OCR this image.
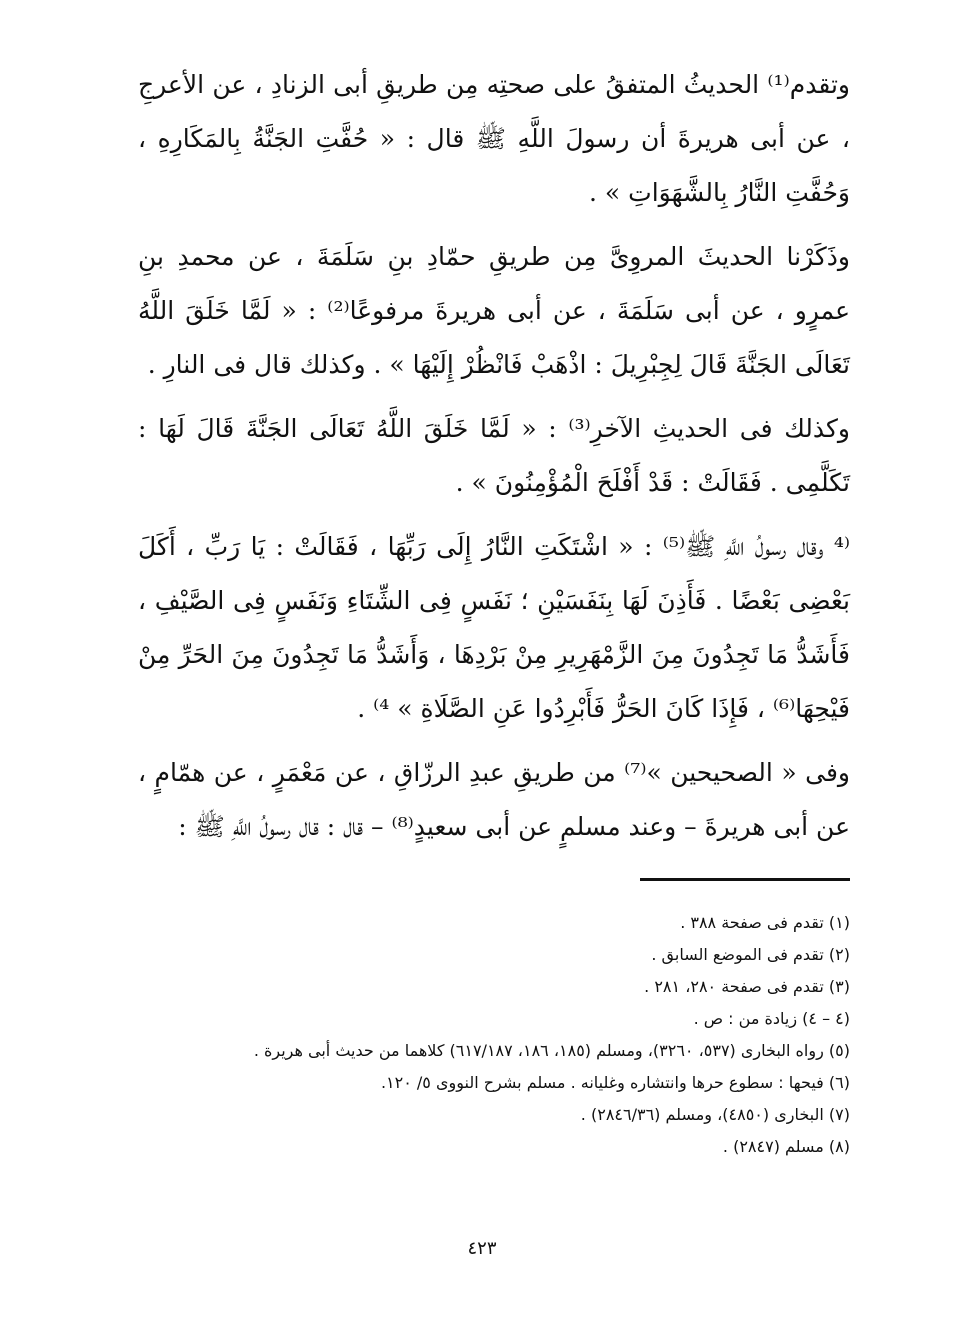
وتقدم⁽¹⁾ الحديثُ المتفقُ على صحتِه مِن طريقِ أبى الزنادِ ، عن الأعرجِ ، عن أبى هريرةَ أن رسولَ اللَّهِ ﷺ قال : « حُفَّتِ الجَنَّةُ بِالمَكَارِهِ ، وَحُفَّتِ النَّارُ بِالشَّهَوَاتِ » .

وذَكَرْنا الحديثَ المروِىَّ مِن طريقِ حمّادِ بنِ سَلَمَةَ ، عن محمدِ بنِ عمرٍو ، عن أبى سَلَمَةَ ، عن أبى هريرةَ مرفوعًا⁽²⁾ : « لَمَّا خَلَقَ اللَّهُ تَعَالَى الجَنَّةَ قَالَ لِجِبْرِيلَ : اذْهَبْ فَانْظُرْ إِلَيْهَا » . وكذلك قال فى النارِ .

وكذلك فى الحديثِ الآخرِ⁽³⁾ : « لَمَّا خَلَقَ اللَّهُ تَعَالَى الجَنَّةَ قَالَ لَهَا : تَكَلَّمِى . فَقَالَتْ : قَدْ أَفْلَحَ الْمُؤْمِنُونَ » .

⁽⁴ وقال رسولُ اللَّهِ ﷺ⁽⁵⁾ : « اشْتَكَتِ النَّارُ إِلَى رَبِّهَا ، فَقَالَتْ : يَا رَبِّ ، أَكَلَ بَعْضِى بَعْضًا . فَأَذِنَ لَهَا بِنَفَسَيْنِ ؛ نَفَسٍ فِى الشِّتَاءِ وَنَفَسٍ فِى الصَّيْفِ ، فَأَشَدُّ مَا تَجِدُونَ مِنَ الزَّمْهَرِيرِ مِنْ بَرْدِهَا ، وَأَشَدُّ مَا تَجِدُونَ مِنَ الحَرِّ مِنْ فَيْحِهَا⁽⁶⁾ ، فَإِذَا كَانَ الحَرُّ فَأَبْرِدُوا عَنِ الصَّلَاةِ » ⁴⁾ .

وفى « الصحيحين »⁽⁷⁾ من طريقِ عبدِ الرزّاقِ ، عن مَعْمَرٍ ، عن همّامٍ ، عن أبى هريرةَ – وعند مسلمٍ عن أبى سعيدٍ⁽⁸⁾ – قال : قال رسولُ اللَّهِ ﷺ :

(١) تقدم فى صفحة ٣٨٨ .

(٢) تقدم فى الموضع السابق .

(٣) تقدم فى صفحة ٢٨٠، ٢٨١ .

(٤ – ٤) زيادة من : ص .

(٥) رواه البخارى (٥٣٧، ٣٢٦٠)، ومسلم (١٨٥، ١٨٦، ٦١٧/١٨٧) كلاهما من حديث أبى هريرة .

(٦) فيحها : سطوع حرها وانتشاره وغليانه . مسلم بشرح النووى ٥/ ١٢٠.

(٧) البخارى (٤٨٥٠)، ومسلم (٢٨٤٦/٣٦) .

(٨) مسلم (٢٨٤٧) .

٤٢٣
